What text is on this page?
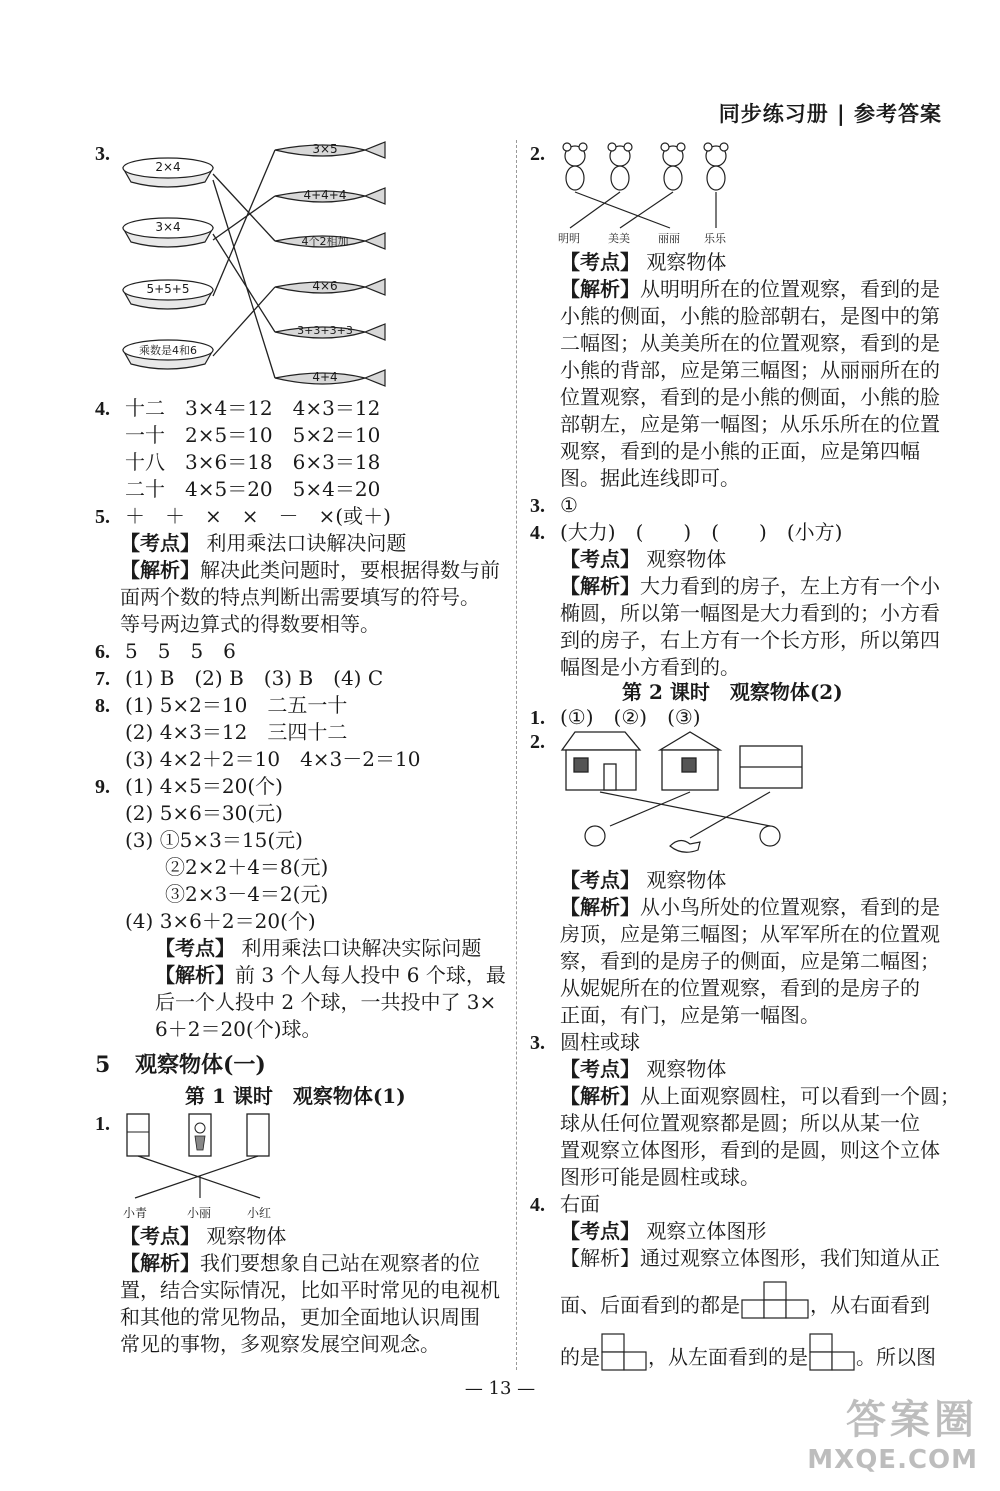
同步练习册 | 参考答案
3.
2×4
3×4
5+5+5
乘数是4和6
3×5
4+4+4
4个2相加
4×6
3+3+3+3
4+4
4. 十二　3×4＝12　4×3＝12
一十　2×5＝10　5×2＝10
十八　3×6＝18　6×3＝18
二十　4×5＝20　5×4＝20
5. ＋　＋　×　×　－　×(或＋)
【考点】 利用乘法口诀解决问题
【解析】解决此类问题时，要根据得数与前
面两个数的特点判断出需要填写的符号。
等号两边算式的得数要相等。
6. 5　5　5　6
7. (1) B　(2) B　(3) B　(4) C
8. (1) 5×2＝10　二五一十
(2) 4×3＝12　三四十二
(3) 4×2＋2＝10　4×3－2＝10
9. (1) 4×5＝20(个)
(2) 5×6＝30(元)
(3) ①5×3＝15(元)
②2×2＋4＝8(元)
③2×3－4＝2(元)
(4) 3×6＋2＝20(个)
【考点】 利用乘法口诀解决实际问题
【解析】前 3 个人每人投中 6 个球，最
后一个人投中 2 个球，一共投中了 3×
6＋2＝20(个)球。
5 观察物体(一)
第 1 课时　观察物体(1)
1.
小青	小丽	小红
【考点】 观察物体
【解析】我们要想象自己站在观察者的位
置，结合实际情况，比如平时常见的电视机
和其他的常见物品，更加全面地认识周围
常见的事物，多观察发展空间观念。
2.
明明	美美	丽丽 乐乐
【考点】 观察物体
【解析】从明明所在的位置观察，看到的是
小熊的侧面，小熊的脸部朝右，是图中的第
二幅图；从美美所在的位置观察，看到的是
小熊的背部，应是第三幅图；从丽丽所在的
位置观察，看到的是小熊的侧面，小熊的脸
部朝左，应是第一幅图；从乐乐所在的位置
观察，看到的是小熊的正面，应是第四幅
图。据此连线即可。
3. ①
4. (大力)　(　　)　(　　)　(小方)
【考点】 观察物体
【解析】大力看到的房子，左上方有一个小
椭圆，所以第一幅图是大力看到的；小方看
到的房子，右上方有一个长方形，所以第四
幅图是小方看到的。
第 2 课时　观察物体(2)
1. (①)　(②)　(③)
2.
【考点】 观察物体
【解析】从小鸟所处的位置观察，看到的是
房顶，应是第三幅图；从军军所在的位置观
察，看到的是房子的侧面，应是第二幅图；
从妮妮所在的位置观察，看到的是房子的
正面，有门，应是第一幅图。
3. 圆柱或球
【考点】 观察物体
【解析】从上面观察圆柱，可以看到一个圆；
球从任何位置观察都是圆；所以从某一位
置观察立体图形，看到的是圆，则这个立体
图形可能是圆柱或球。
4. 右面
【考点】 观察立体图形
【解析】通过观察立体图形，我们知道从正
面、后面看到的都是	，从右面看到
的是 ，从左面看到的是 。所以图
— 13 —
答案圈
MXQE.COM
